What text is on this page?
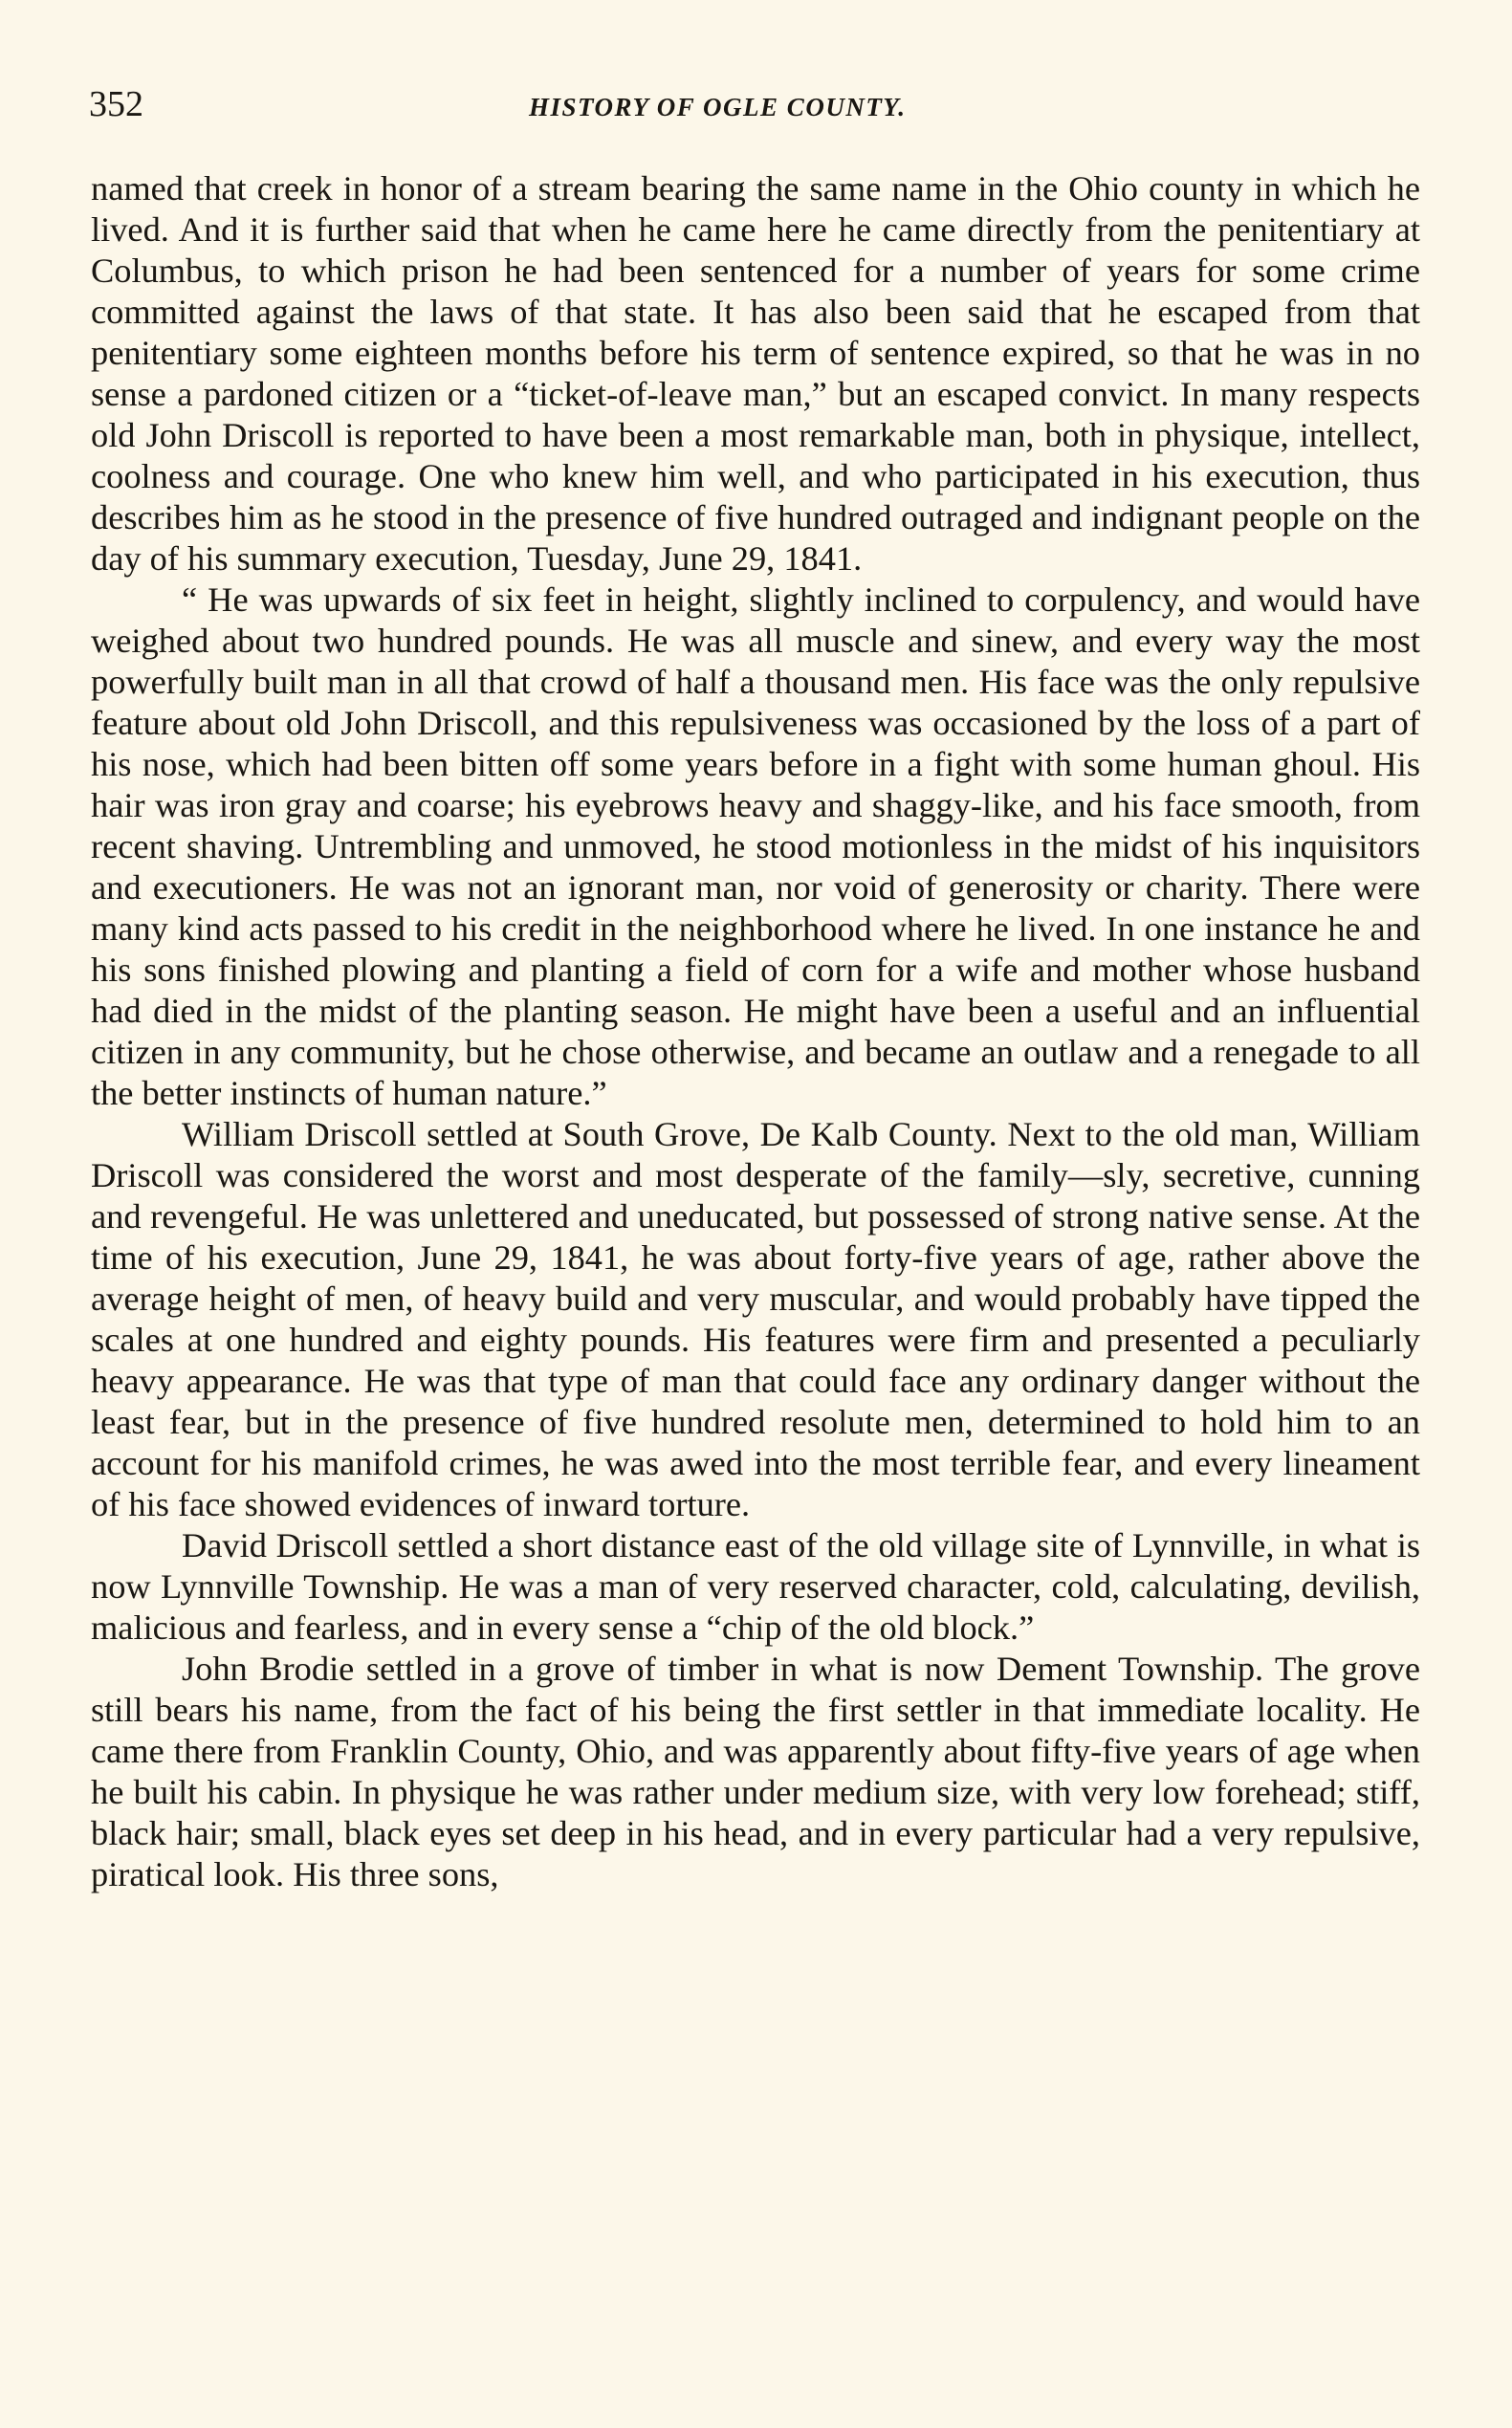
352	HISTORY OF OGLE COUNTY.

named that creek in honor of a stream bearing the same name in the Ohio county in which he lived. And it is further said that when he came here he came directly from the penitentiary at Columbus, to which prison he had been sentenced for a number of years for some crime committed against the laws of that state. It has also been said that he escaped from that penitentiary some eighteen months before his term of sentence expired, so that he was in no sense a pardoned citizen or a “ticket-of-leave man,” but an escaped convict. In many respects old John Driscoll is reported to have been a most remarkable man, both in physique, intellect, coolness and courage. One who knew him well, and who participated in his execution, thus describes him as he stood in the presence of five hundred outraged and indignant people on the day of his summary execution, Tuesday, June 29, 1841.

“ He was upwards of six feet in height, slightly inclined to corpulency, and would have weighed about two hundred pounds. He was all muscle and sinew, and every way the most powerfully built man in all that crowd of half a thousand men. His face was the only repulsive feature about old John Driscoll, and this repulsiveness was occasioned by the loss of a part of his nose, which had been bitten off some years before in a fight with some human ghoul. His hair was iron gray and coarse; his eyebrows heavy and shaggy-like, and his face smooth, from recent shaving. Untrembling and unmoved, he stood motionless in the midst of his inquisitors and executioners. He was not an ignorant man, nor void of generosity or charity. There were many kind acts passed to his credit in the neighborhood where he lived. In one instance he and his sons finished plowing and planting a field of corn for a wife and mother whose husband had died in the midst of the planting season. He might have been a useful and an influential citizen in any community, but he chose otherwise, and became an outlaw and a renegade to all the better instincts of human nature.”

William Driscoll settled at South Grove, De Kalb County. Next to the old man, William Driscoll was considered the worst and most desperate of the family—sly, secretive, cunning and revengeful. He was unlettered and uneducated, but possessed of strong native sense. At the time of his execution, June 29, 1841, he was about forty-five years of age, rather above the average height of men, of heavy build and very muscular, and would probably have tipped the scales at one hundred and eighty pounds. His features were firm and presented a peculiarly heavy appearance. He was that type of man that could face any ordinary danger without the least fear, but in the presence of five hundred resolute men, determined to hold him to an account for his manifold crimes, he was awed into the most terrible fear, and every lineament of his face showed evidences of inward torture.

David Driscoll settled a short distance east of the old village site of Lynnville, in what is now Lynnville Township. He was a man of very reserved character, cold, calculating, devilish, malicious and fearless, and in every sense a “chip of the old block.”

John Brodie settled in a grove of timber in what is now Dement Township. The grove still bears his name, from the fact of his being the first settler in that immediate locality. He came there from Franklin County, Ohio, and was apparently about fifty-five years of age when he built his cabin. In physique he was rather under medium size, with very low forehead; stiff, black hair; small, black eyes set deep in his head, and in every particular had a very repulsive, piratical look. His three sons,
